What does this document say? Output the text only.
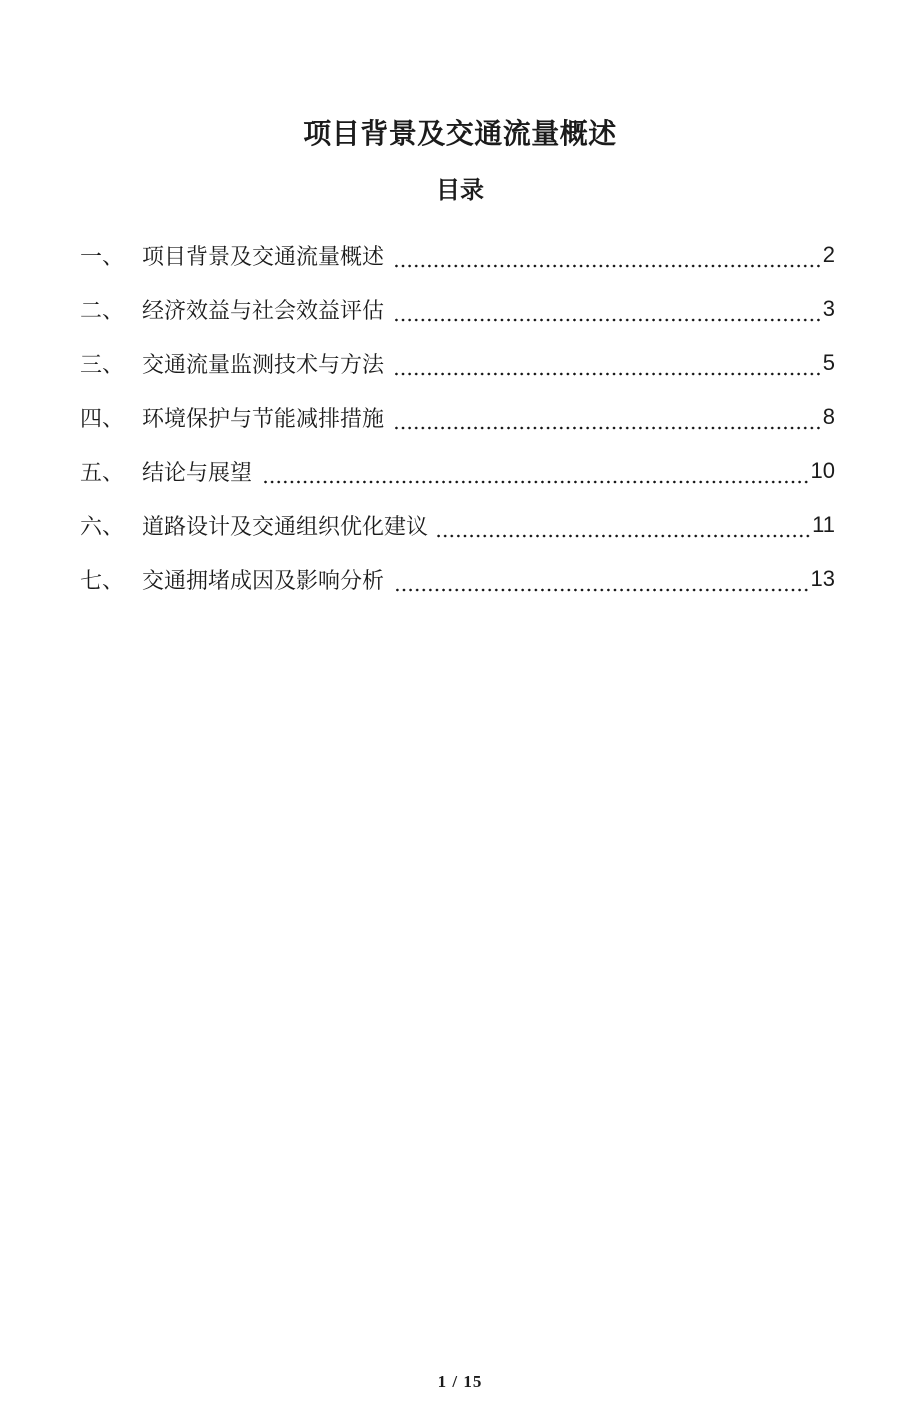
项目背景及交通流量概述
目录
一、 项目背景及交通流量概述	2
二、 经济效益与社会效益评估	3
三、 交通流量监测技术与方法	5
四、 环境保护与节能减排措施	8
五、 结论与展望	10
六、 道路设计及交通组织优化建议	11
七、 交通拥堵成因及影响分析	13
1 / 15
